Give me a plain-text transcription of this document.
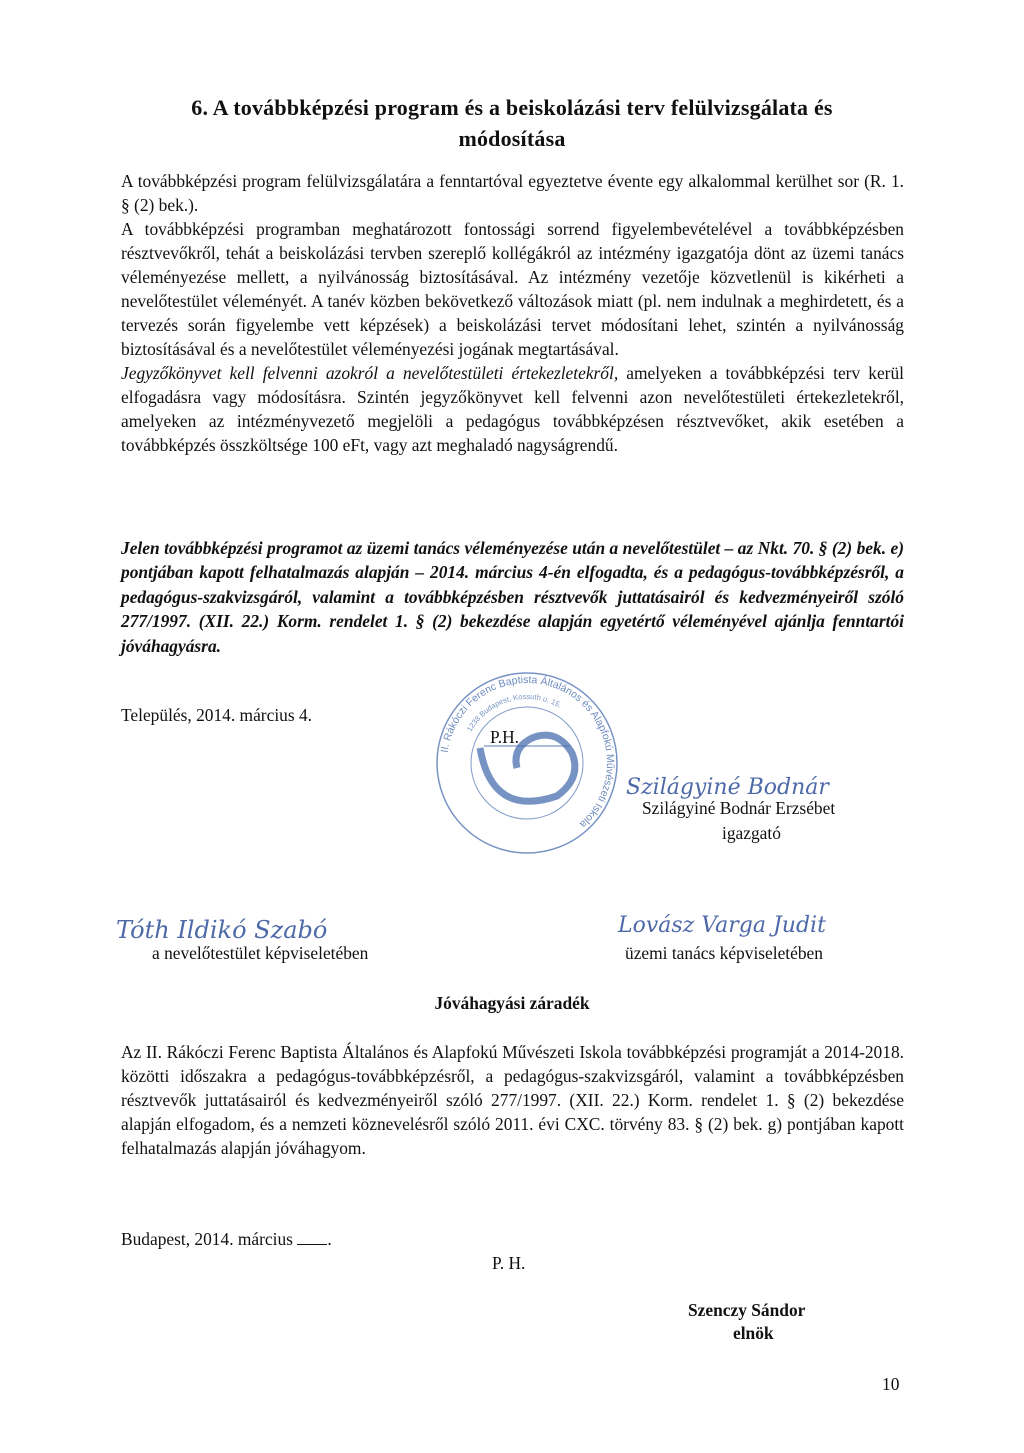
6. A továbbképzési program és a beiskolázási terv felülvizsgálata és módosítása

A továbbképzési program felülvizsgálatára a fenntartóval egyeztetve évente egy alkalommal kerülhet sor (R. 1. § (2) bek.).

A továbbképzési programban meghatározott fontossági sorrend figyelembevételével a továbbképzésben résztvevőkről, tehát a beiskolázási tervben szereplő kollégákról az intézmény igazgatója dönt az üzemi tanács véleményezése mellett, a nyilvánosság biztosításával. Az intézmény vezetője közvetlenül is kikérheti a nevelőtestület véleményét. A tanév közben bekövetkező változások miatt (pl. nem indulnak a meghirdetett, és a tervezés során figyelembe vett képzések) a beiskolázási tervet módosítani lehet, szintén a nyilvánosság biztosításával és a nevelőtestület véleményezési jogának megtartásával.

Jegyzőkönyvet kell felvenni azokról a nevelőtestületi értekezletekről, amelyeken a továbbképzési terv kerül elfogadásra vagy módosításra. Szintén jegyzőkönyvet kell felvenni azon nevelőtestületi értekezletekről, amelyeken az intézményvezető megjelöli a pedagógus továbbképzésen résztvevőket, akik esetében a továbbképzés összköltsége 100 eFt, vagy azt meghaladó nagyságrendű.

Jelen továbbképzési programot az üzemi tanács véleményezése után a nevelőtestület – az Nkt. 70. § (2) bek. e) pontjában kapott felhatalmazás alapján – 2014. március 4-én elfogadta, és a pedagógus-továbbképzésről, a pedagógus-szakvizsgáról, valamint a továbbképzésben résztvevők juttatásairól és kedvezményeiről szóló 277/1997. (XII. 22.) Korm. rendelet 1. § (2) bekezdése alapján egyetértő véleményével ajánlja fenntartói jóváhagyásra.
Település, 2014. március 4.
II. Rákóczi Ferenc Baptista Általános és Alapfokú Művészeti Iskola
1238 Budapest, Kossuth u. 15.
P.H.
Szilágyiné Bodnár
Szilágyiné Bodnár Erzsébet
igazgató
Tóth Ildikó Szabó	Lovász Varga Judit
a nevelőtestület képviseletében	üzemi tanács képviseletében
Jóváhagyási záradék
Az II. Rákóczi Ferenc Baptista Általános és Alapfokú Művészeti Iskola továbbképzési programját a 2014-2018. közötti időszakra a pedagógus-továbbképzésről, a pedagógus-szakvizsgáról, valamint a továbbképzésben résztvevők juttatásairól és kedvezményeiről szóló 277/1997. (XII. 22.) Korm. rendelet 1. § (2) bekezdése alapján elfogadom, és a nemzeti köznevelésről szóló 2011. évi CXC. törvény 83. § (2) bek. g) pontjában kapott felhatalmazás alapján jóváhagyom.
Budapest, 2014. március .
P. H.
Szenczy Sándor
elnök
10
